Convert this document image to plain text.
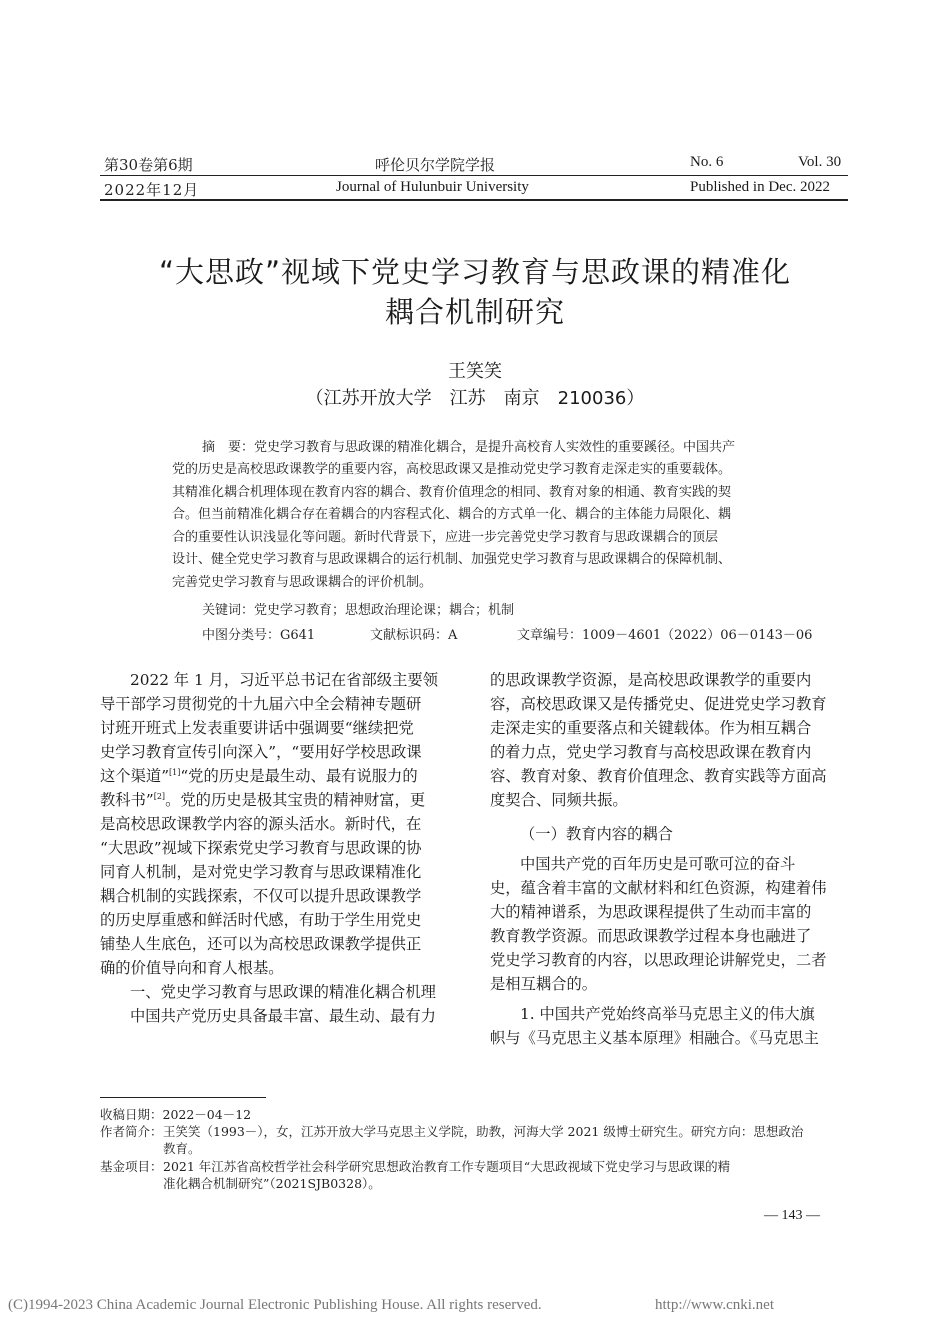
第30卷第6期	呼伦贝尔学院学报	No. 6	Vol. 30
2022年12月	Journal of Hulunbuir University	Published in Dec. 2022
“大思政”视域下党史学习教育与思政课的精准化
耦合机制研究
王笑笑
（江苏开放大学　江苏　南京　210036）
摘　要：党史学习教育与思政课的精准化耦合，是提升高校育人实效性的重要蹊径。中国共产
党的历史是高校思政课教学的重要内容，高校思政课又是推动党史学习教育走深走实的重要载体。
其精准化耦合机理体现在教育内容的耦合、教育价值理念的相同、教育对象的相通、教育实践的契
合。但当前精准化耦合存在着耦合的内容程式化、耦合的方式单一化、耦合的主体能力局限化、耦
合的重要性认识浅显化等问题。新时代背景下，应进一步完善党史学习教育与思政课耦合的顶层
设计、健全党史学习教育与思政课耦合的运行机制、加强党史学习教育与思政课耦合的保障机制、
完善党史学习教育与思政课耦合的评价机制。
关键词：党史学习教育；思想政治理论课；耦合；机制
中图分类号：G641	文献标识码：A	文章编号：1009－4601（2022）06－0143－06
2022 年 1 月，习近平总书记在省部级主要领
导干部学习贯彻党的十九届六中全会精神专题研
讨班开班式上发表重要讲话中强调要“继续把党
史学习教育宣传引向深入”，“要用好学校思政课
这个渠道”[1]“党的历史是最生动、最有说服力的
教科书”[2]。党的历史是极其宝贵的精神财富，更
是高校思政课教学内容的源头活水。新时代，在
“大思政”视域下探索党史学习教育与思政课的协
同育人机制，是对党史学习教育与思政课精准化
耦合机制的实践探索，不仅可以提升思政课教学
的历史厚重感和鲜活时代感，有助于学生用党史
铺垫人生底色，还可以为高校思政课教学提供正
确的价值导向和育人根基。
一、党史学习教育与思政课的精准化耦合机理
中国共产党历史具备最丰富、最生动、最有力
的思政课教学资源，是高校思政课教学的重要内
容，高校思政课又是传播党史、促进党史学习教育
走深走实的重要落点和关键载体。作为相互耦合
的着力点，党史学习教育与高校思政课在教育内
容、教育对象、教育价值理念、教育实践等方面高
度契合、同频共振。
（一）教育内容的耦合
中国共产党的百年历史是可歌可泣的奋斗
史，蕴含着丰富的文献材料和红色资源，构建着伟
大的精神谱系，为思政课程提供了生动而丰富的
教育教学资源。而思政课教学过程本身也融进了
党史学习教育的内容，以思政理论讲解党史，二者
是相互耦合的。
1. 中国共产党始终高举马克思主义的伟大旗
帜与《马克思主义基本原理》相融合。《马克思主
收稿日期：2022－04－12
作者简介： 王笑笑（1993－），女，江苏开放大学马克思主义学院，助教，河海大学 2021 级博士研究生。研究方向：思想政治
教育。
基金项目： 2021 年江苏省高校哲学社会科学研究思想政治教育工作专题项目“大思政视域下党史学习与思政课的精
准化耦合机制研究”（2021SJB0328）。
— 143 —
(C)1994-2023 China Academic Journal Electronic Publishing House. All rights reserved.	http://www.cnki.net
